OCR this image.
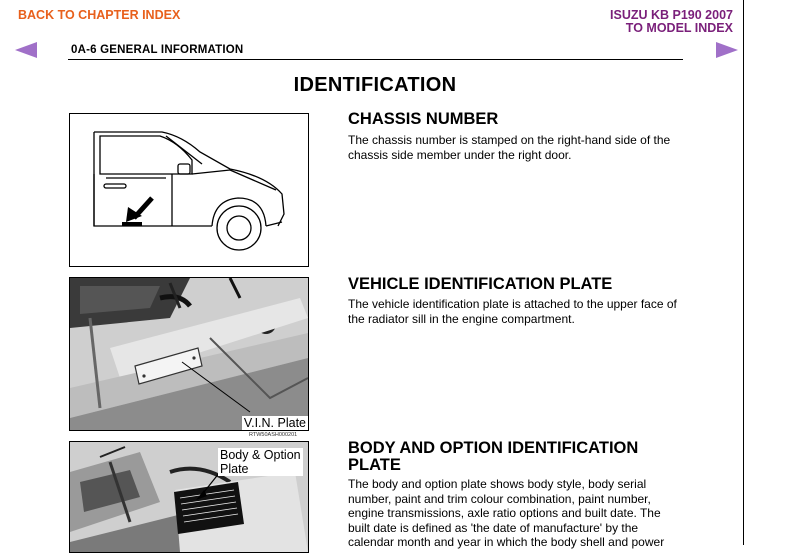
BACK TO CHAPTER INDEX	ISUZU KB P190 2007
TO MODEL INDEX
0A-6 GENERAL INFORMATION
IDENTIFICATION
CHASSIS NUMBER
The chassis number is stamped on the right-hand side of the chassis side member under the right door.
V.I.N. Plate
RTW50ASH000201
VEHICLE IDENTIFICATION PLATE
The vehicle identification plate is attached to the upper face of the radiator sill in the engine compartment.
Body & Option
Plate
BODY AND OPTION IDENTIFICATION PLATE
The body and option plate shows body style, body serial number, paint and trim colour combination, paint number, engine transmissions, axle ratio options and built date. The built date is defined as 'the date of manufacture' by the calendar month and year in which the body shell and power
